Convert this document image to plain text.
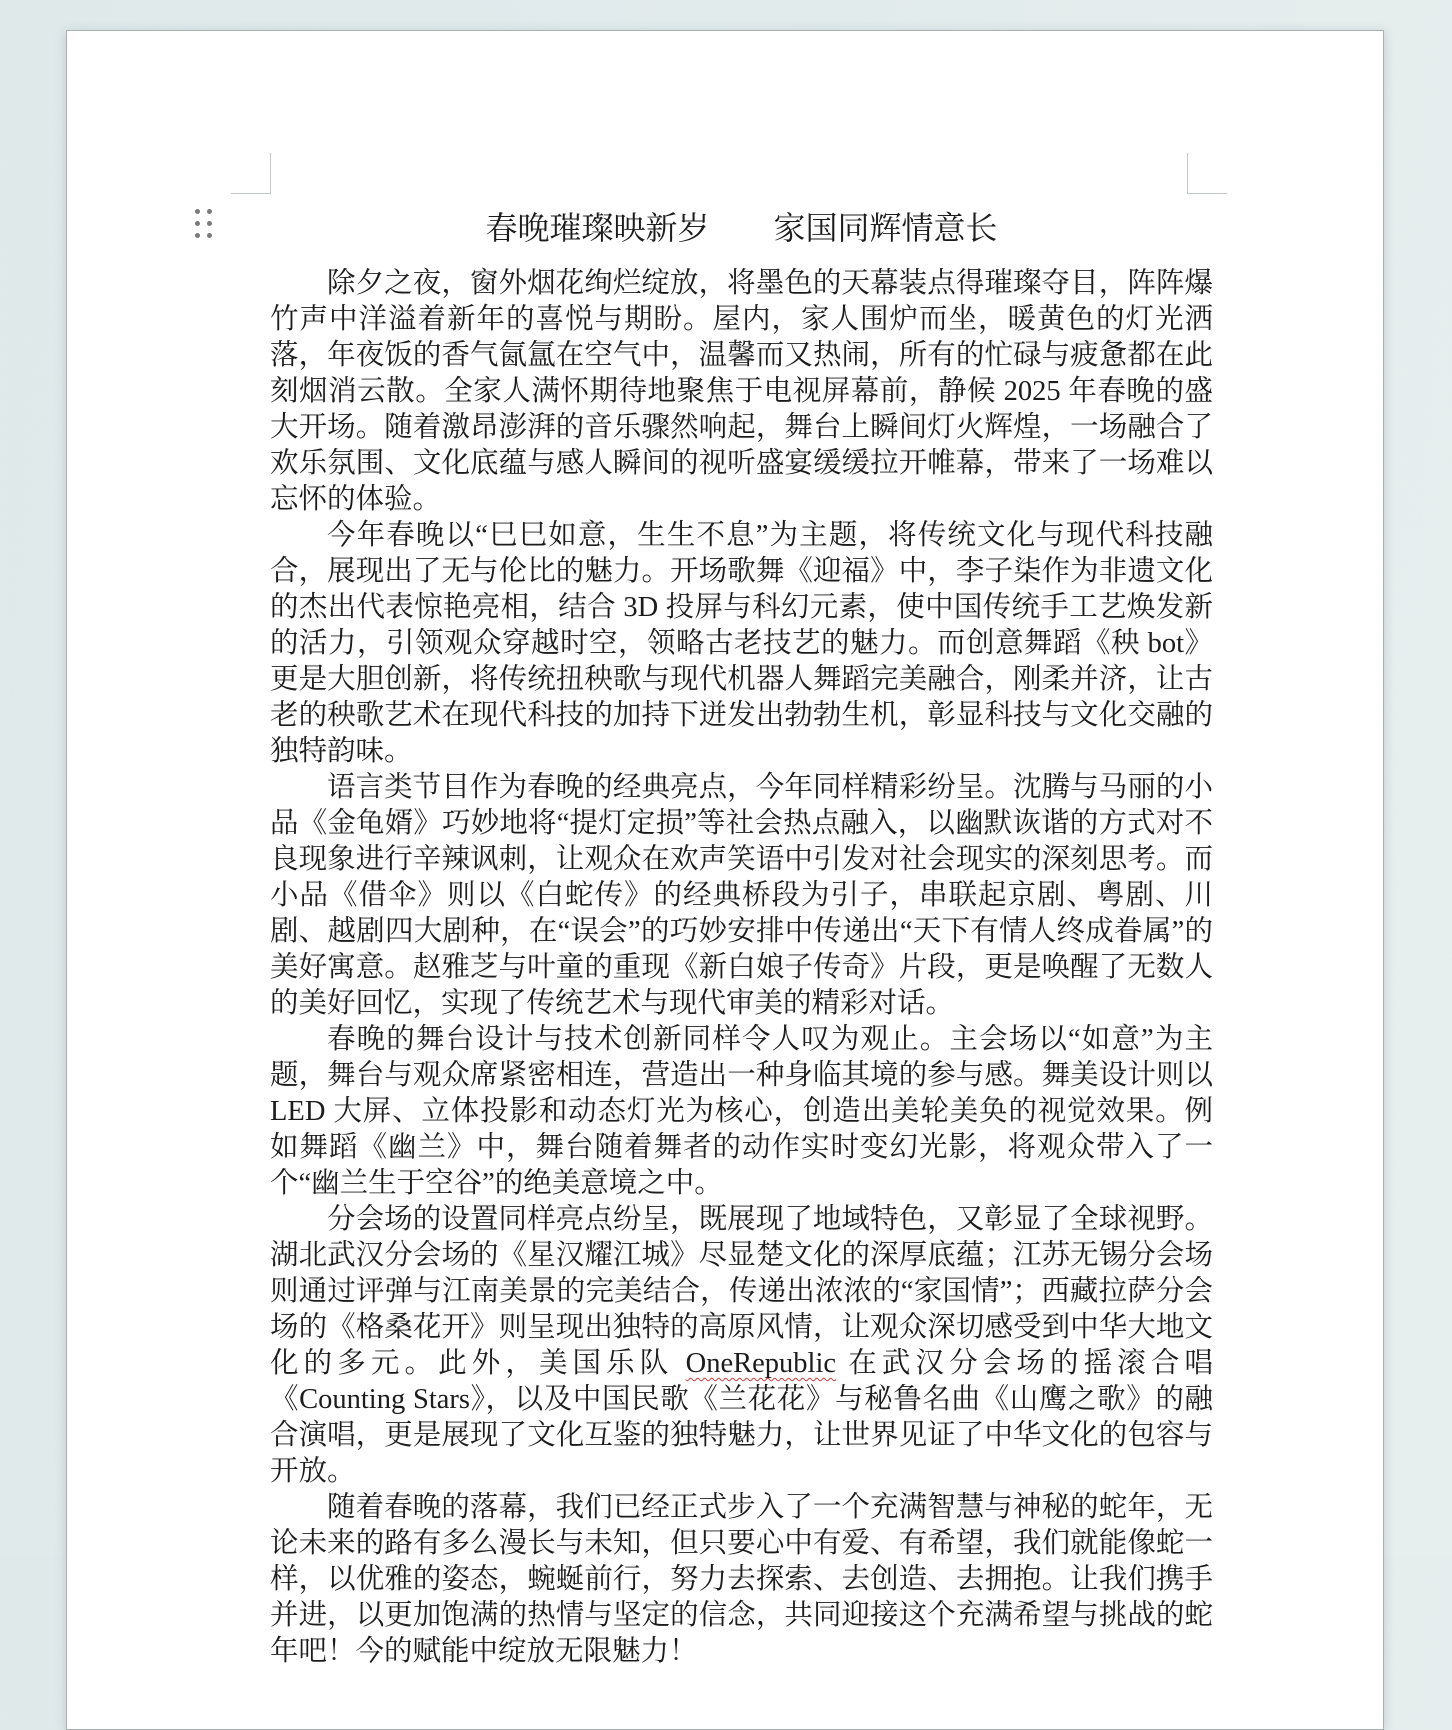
春晚璀璨映新岁　　家国同辉情意长

除夕之夜，窗外烟花绚烂绽放，将墨色的天幕装点得璀璨夺目，阵阵爆竹声中洋溢着新年的喜悦与期盼。屋内，家人围炉而坐，暖黄色的灯光洒落，年夜饭的香气氤氲在空气中，温馨而又热闹，所有的忙碌与疲惫都在此刻烟消云散。全家人满怀期待地聚焦于电视屏幕前，静候 2025 年春晚的盛大开场。随着激昂澎湃的音乐骤然响起，舞台上瞬间灯火辉煌，一场融合了欢乐氛围、文化底蕴与感人瞬间的视听盛宴缓缓拉开帷幕，带来了一场难以忘怀的体验。

今年春晚以“巳巳如意，生生不息”为主题，将传统文化与现代科技融合，展现出了无与伦比的魅力。开场歌舞《迎福》中，李子柒作为非遗文化的杰出代表惊艳亮相，结合 3D 投屏与科幻元素，使中国传统手工艺焕发新的活力，引领观众穿越时空，领略古老技艺的魅力。而创意舞蹈《秧 bot》更是大胆创新，将传统扭秧歌与现代机器人舞蹈完美融合，刚柔并济，让古老的秧歌艺术在现代科技的加持下迸发出勃勃生机，彰显科技与文化交融的独特韵味。

语言类节目作为春晚的经典亮点，今年同样精彩纷呈。沈腾与马丽的小品《金龟婿》巧妙地将“提灯定损”等社会热点融入，以幽默诙谐的方式对不良现象进行辛辣讽刺，让观众在欢声笑语中引发对社会现实的深刻思考。而小品《借伞》则以《白蛇传》的经典桥段为引子，串联起京剧、粤剧、川剧、越剧四大剧种，在“误会”的巧妙安排中传递出“天下有情人终成眷属”的美好寓意。赵雅芝与叶童的重现《新白娘子传奇》片段，更是唤醒了无数人的美好回忆，实现了传统艺术与现代审美的精彩对话。

春晚的舞台设计与技术创新同样令人叹为观止。主会场以“如意”为主题，舞台与观众席紧密相连，营造出一种身临其境的参与感。舞美设计则以 LED 大屏、立体投影和动态灯光为核心，创造出美轮美奂的视觉效果。例如舞蹈《幽兰》中，舞台随着舞者的动作实时变幻光影，将观众带入了一个“幽兰生于空谷”的绝美意境之中。

分会场的设置同样亮点纷呈，既展现了地域特色，又彰显了全球视野。湖北武汉分会场的《星汉耀江城》尽显楚文化的深厚底蕴；江苏无锡分会场则通过评弹与江南美景的完美结合，传递出浓浓的“家国情”；西藏拉萨分会场的《格桑花开》则呈现出独特的高原风情，让观众深切感受到中华大地文化的多元。此外，美国乐队 OneRepublic 在武汉分会场的摇滚合唱《Counting Stars》，以及中国民歌《兰花花》与秘鲁名曲《山鹰之歌》的融合演唱，更是展现了文化互鉴的独特魅力，让世界见证了中华文化的包容与开放。

随着春晚的落幕，我们已经正式步入了一个充满智慧与神秘的蛇年，无论未来的路有多么漫长与未知，但只要心中有爱、有希望，我们就能像蛇一样，以优雅的姿态，蜿蜒前行，努力去探索、去创造、去拥抱。让我们携手并进，以更加饱满的热情与坚定的信念，共同迎接这个充满希望与挑战的蛇年吧！今的赋能中绽放无限魅力！
